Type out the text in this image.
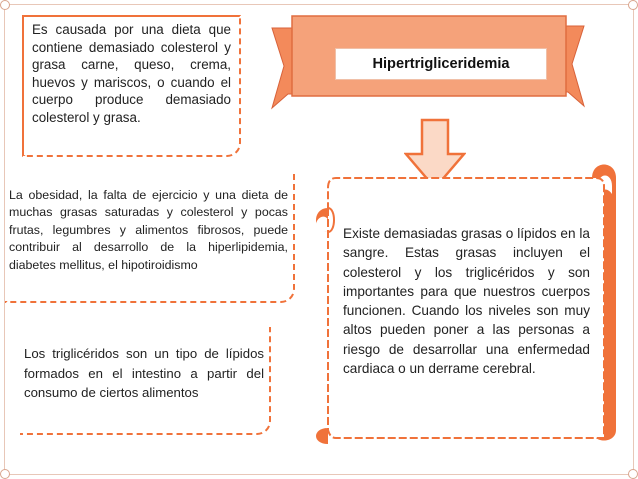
Es causada por una dieta que contiene demasiado colesterol y grasa carne, queso, crema, huevos y mariscos, o cuando el cuerpo produce demasiado colesterol y grasa.
Hipertrigliceridemia
La obesidad, la falta de ejercicio y una dieta de muchas grasas saturadas y colesterol y pocas frutas, legumbres y alimentos fibrosos, puede contribuir al desarrollo de la hiperlipidemia, diabetes mellitus, el hipotiroidismo
Existe demasiadas grasas o lípidos en la sangre. Estas grasas incluyen el colesterol y los triglicéridos y son importantes para que nuestros cuerpos funcionen. Cuando los niveles son muy altos pueden poner a las personas a riesgo de desarrollar una enfermedad cardiaca o un derrame cerebral.
Los triglicéridos son un tipo de lípidos formados en el intestino a partir del consumo de ciertos alimentos
